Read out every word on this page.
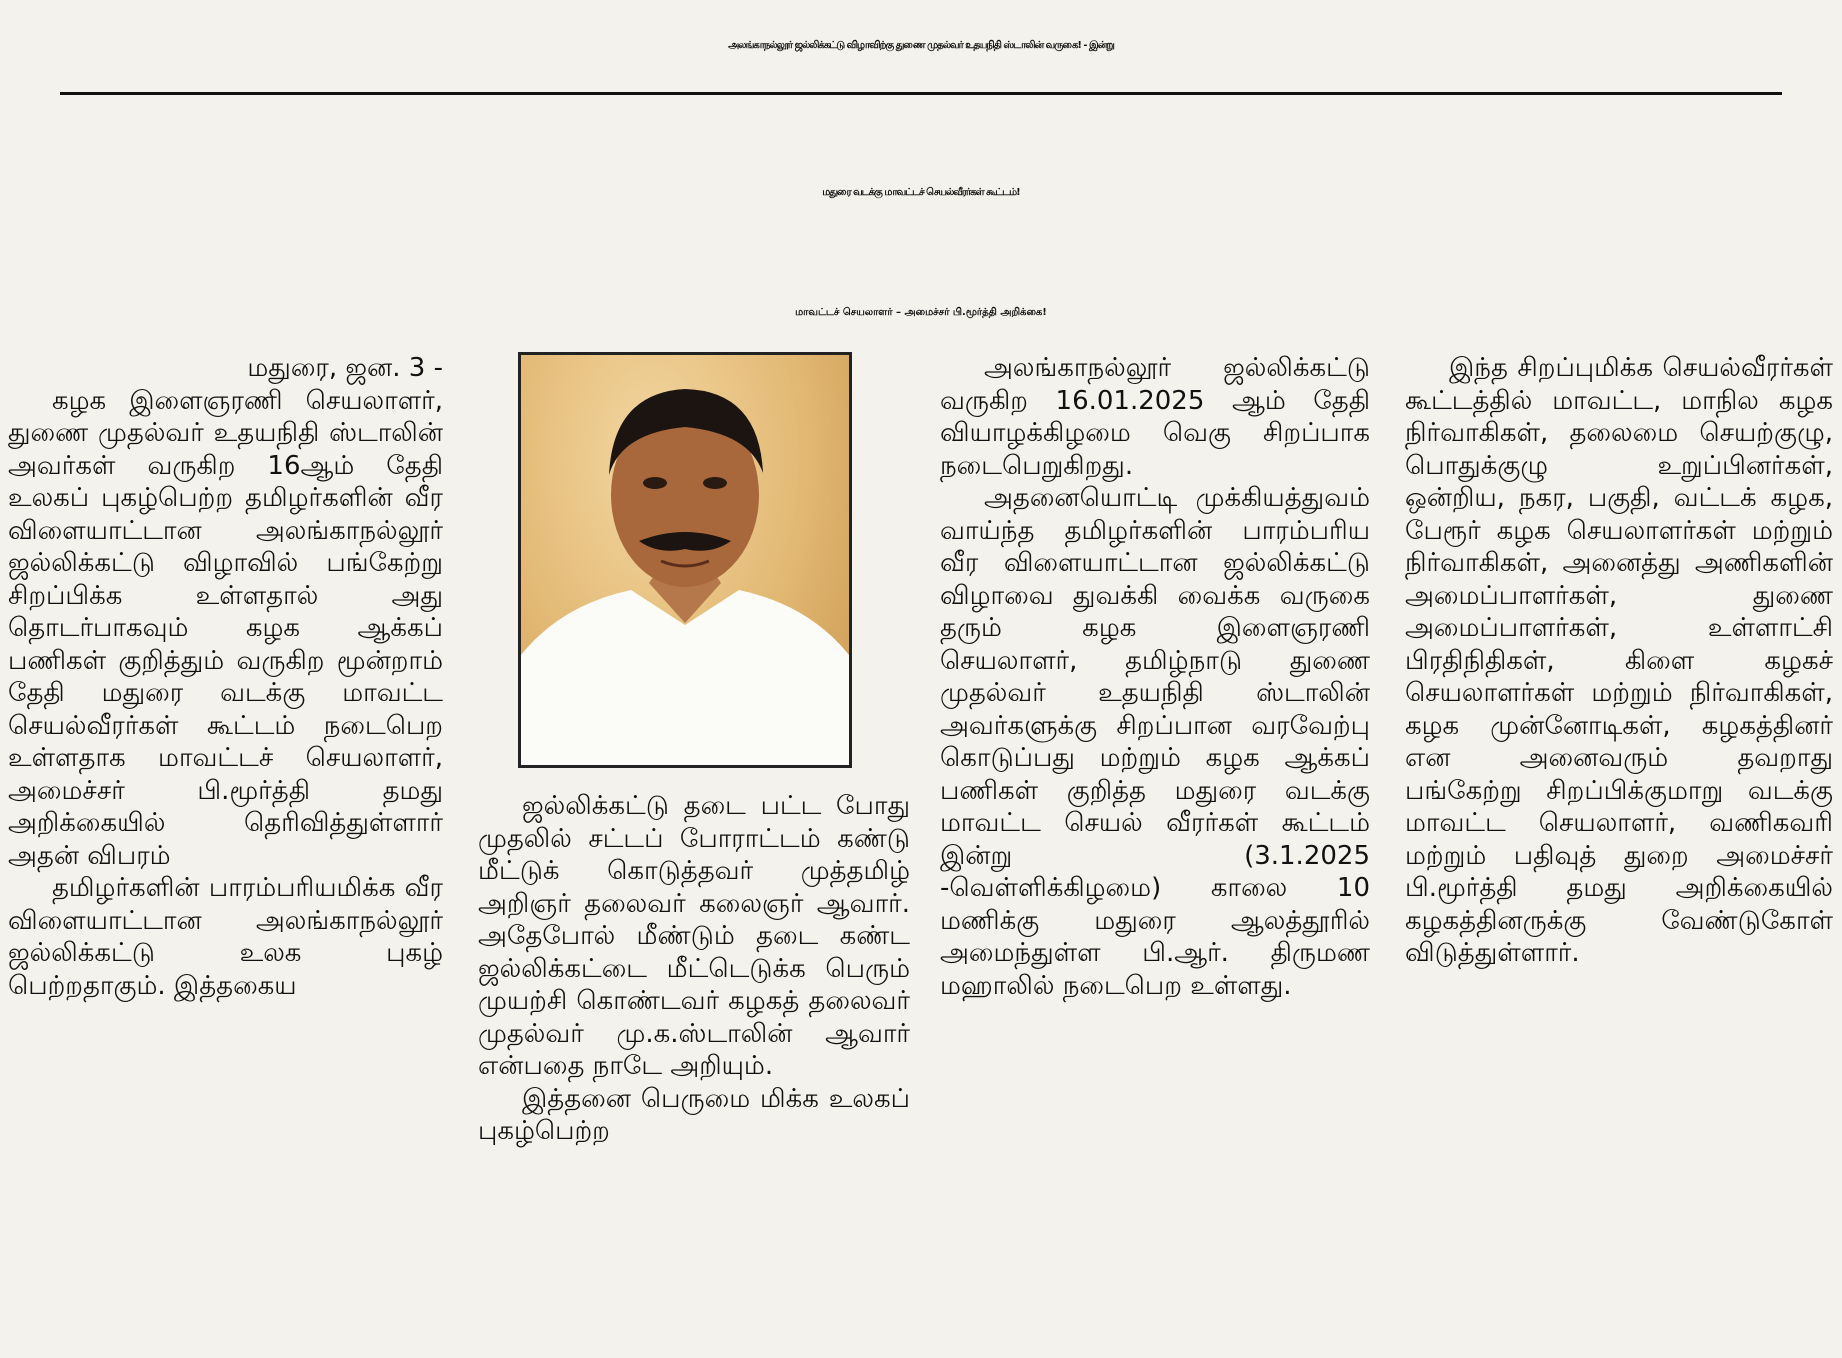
அலங்காநல்லூர் ஜல்லிக்கட்டு விழாவிற்கு துணை முதல்வர் உதயநிதி ஸ்டாலின் வருகை! - இன்று
மதுரை வடக்கு மாவட்டச் செயல்வீரர்கள் கூட்டம்!
மாவட்டச் செயலாளர் – அமைச்சர் பி.மூர்த்தி அறிக்கை!

மதுரை, ஜன. 3 -

கழக இளைஞரணி செயலாளர், துணை முதல்வர் உதயநிதி ஸ்டாலின் அவர்கள் வருகிற 16ஆம் தேதி உலகப் புகழ்பெற்ற தமிழர்களின் வீர விளையாட்டான அலங்காநல்லூர் ஜல்லிக்கட்டு விழாவில் பங்கேற்று சிறப்பிக்க உள்ளதால் அது தொடர்பாகவும் கழக ஆக்கப் பணிகள் குறித்தும் வருகிற மூன்றாம் தேதி மதுரை வடக்கு மாவட்ட செயல்வீரர்கள் கூட்டம் நடைபெற உள்ளதாக மாவட்டச் செயலாளர், அமைச்சர் பி.மூர்த்தி தமது அறிக்கையில் தெரிவித்துள்ளார் அதன் விபரம்

தமிழர்களின் பாரம்பரியமிக்க வீர விளையாட்டான அலங்காநல்லூர் ஜல்லிக்கட்டு உலக புகழ் பெற்றதாகும். இத்தகைய

ஜல்லிக்கட்டு தடை பட்ட போது முதலில் சட்டப் போராட்டம் கண்டு மீட்டுக் கொடுத்தவர் முத்தமிழ் அறிஞர் தலைவர் கலைஞர் ஆவார். அதேபோல் மீண்டும் தடை கண்ட ஜல்லிக்கட்டை மீட்டெடுக்க பெரும் முயற்சி கொண்டவர் கழகத் தலைவர் முதல்வர் மு.க.ஸ்டாலின் ஆவார் என்பதை நாடே அறியும்.

இத்தனை பெருமை மிக்க உலகப் புகழ்பெற்ற

அலங்காநல்லூர் ஜல்லிக்கட்டு வருகிற 16.01.2025 ஆம் தேதி வியாழக்கிழமை வெகு சிறப்பாக நடைபெறுகிறது.

அதனையொட்டி முக்கியத்துவம் வாய்ந்த தமிழர்களின் பாரம்பரிய வீர விளையாட்டான ஜல்லிக்கட்டு விழாவை துவக்கி வைக்க வருகை தரும் கழக இளைஞரணி செயலாளர், தமிழ்நாடு துணை முதல்வர் உதயநிதி ஸ்டாலின் அவர்களுக்கு சிறப்பான வரவேற்பு கொடுப்பது மற்றும் கழக ஆக்கப் பணிகள் குறித்த மதுரை வடக்கு மாவட்ட செயல் வீரர்கள் கூட்டம் இன்று (3.1.2025 -வெள்ளிக்கிழமை) காலை 10 மணிக்கு மதுரை ஆலத்தூரில் அமைந்துள்ள பி.ஆர். திருமண மஹாலில் நடைபெற உள்ளது.

இந்த சிறப்புமிக்க செயல்வீரர்கள் கூட்டத்தில் மாவட்ட, மாநில கழக நிர்வாகிகள், தலைமை செயற்குழு, பொதுக்குழு உறுப்பினர்கள், ஒன்றிய, நகர, பகுதி, வட்டக் கழக, பேரூர் கழக செயலாளர்கள் மற்றும் நிர்வாகிகள், அனைத்து அணிகளின் அமைப்பாளர்கள், துணை அமைப்பாளர்கள், உள்ளாட்சி பிரதிநிதிகள், கிளை கழகச் செயலாளர்கள் மற்றும் நிர்வாகிகள், கழக முன்னோடிகள், கழகத்தினர் என அனைவரும் தவறாது பங்கேற்று சிறப்பிக்குமாறு வடக்கு மாவட்ட செயலாளர், வணிகவரி மற்றும் பதிவுத் துறை அமைச்சர் பி.மூர்த்தி தமது அறிக்கையில் கழகத்தினருக்கு வேண்டுகோள் விடுத்துள்ளார்.
